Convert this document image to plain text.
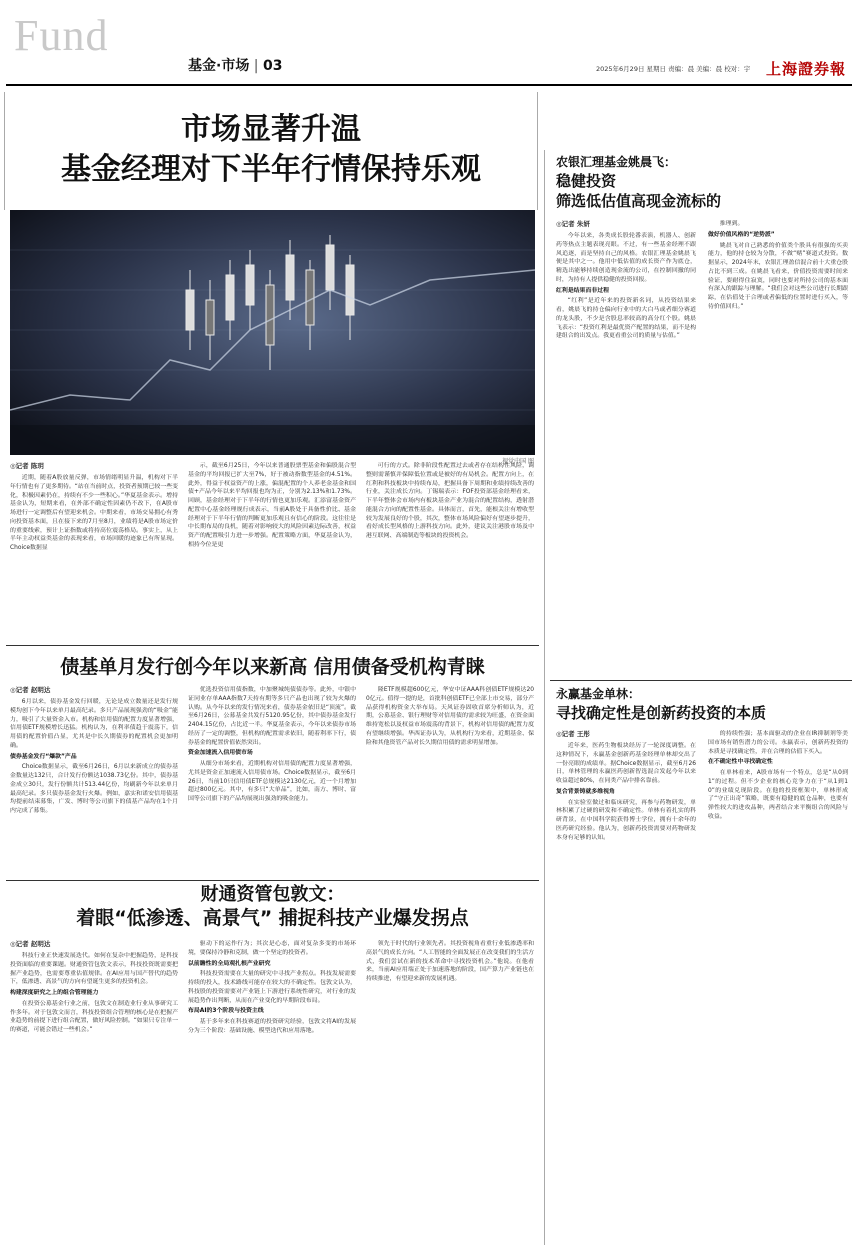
Fund
基金·市场 | 03	2025年6月29日 星期日 责编：晨 美编：晨 校对：宇 上海證券報
市场显著升温
基金经理对下半年行情保持乐观
视觉中国 图
◎记者 陈玥

近期，随着A股放量反弹，市场情绪明显升温，机构对下半年行情也有了更多期待。“站在当前时点，投资者预期已较一些变化，积极因素仍在，持续有不少一些积心。”华夏基金表示。增持基金认为，短期来看，在外部不确定性因素仍不改下，在A股市场进行一定调整后有望迎来机会。中期来看，市场交易拥心有秀向投资基本面，且在接下来的7月至8月，业绩将是A股市场定价的重要线索，预计上证指数或将持高位震荡格局。事实上，从上半年主动权益类基金的表现来看，市场回暖的迹象已有所显现。Choice数据显

示，截至6月25日，今年以来普通股票型基金和偏股混合型基金的平均回报已扩大至7%，好于被动指数型基金的4.51%。此外，得益于权益资产的上涨，偏混配置的个人养老金基金和国债+产品今年以来平均回报也均为正，分别为2.13%和1.73%。回顾，基金经理对于下半年的行情也更加乐观。汇添富基金资产配置中心基金经理规行成表示，当前A股处于具备性价比、基金经理对于下半年行情的判断更加乐观且有信心的阶段。这往往是中长期布局的良机，随着对影响较大的风险因素边际改善，权益资产的配置吸引力进一步增强。配置策略方面，华夏基金认为，相持今位是更

可行的方式。除非阶段性配置过去或者存在结构性风险，调整则需谨慎并保障低位置或是被好的有局机会。配置方向上，在红利和科技板块中持续布局，把握具备下周期和业绩持续改善的行业，关注成长方向。丁锡瑞表示：FOF投资部基金经理看来，下半年整体会市场内有板块基金产业为混合的配置结构，透射潜能混合方向的配置性基金。具体而言，首先，能根关注有增收型较为发展良好的个股，其次，整体市场风险偏好有望逐步提升，看好成长型风格的上游科技方向。此外，建议关注港股市场及中港互联网、高端制造等板块的投资机会。

债基单月发行创今年以来新高 信用债备受机构青睐
◎记者 赵明达

6月以来，债券基金发行回暖，无论是成立数量还是发行规模均创下今年以来单月最高纪录。多只产品展现强劲的“吸金”能力，吸引了大量资金入市。机构和信用债的配置力度显著增强，信用债ETF规模增长迅猛。机构认为，在利率债趋于震荡下，信用债的配置价值凸显，尤其是中长久期债券的配置机会更加明确。

债券基金发行“爆款”产品

Choice数据显示，截至6月26日，6月以来新成立的债券基金数量达132只，合计发行份额达1038.73亿份。其中，债券基金成立30只，发行份额共计513.44亿份，均刷新今年以来单月最高纪录。多只债券基金发行火爆。例如，嘉实和诺安信用债基均提前结束募集，广发、博时等公司旗下的债基产品均在1个月内完成了募集。

优选投资信用债指数，中加聚城纯债债券等。此外，中银中证同业存单AAA指数7天持有期等多只产品也出现了较为火爆的认购。从今年以来的发行情况来看，债券基金依旧是“顶流”。截至6月26日，公募基金共发行5120.95亿份，其中债券基金发行2404.15亿份，占比近一半。华夏基金表示，今年以来债券市场经历了一定的调整，但机构的配置需求依旧，随着利率下行，债券基金的配置价值依然突出。

资金加速流入信用债市场

从细分市场来看，近期机构对信用债的配置力度显著增强，尤其是资金正加速流入信用债市场。Choice数据显示，截至6月26日，当前10只信用债ETF总规模达2130亿元，近一个月增加超过800亿元。其中，有多只“大单品”，比如，南方、博时、富国等公司旗下的产品均展现出强劲的吸金能力。

隆ETF规模超600亿元，华安中证AAA科创债ETF规模达200亿元。值得一提的是，首批科创债ETF已全部上市交易，部分产品获得机构资金大举布局。天风证券固收首席分析师认为，近期，公募基金、银行理财等对信用债的需求较为旺盛，在资金面维持宽松以及权益市场震荡的背景下，机构对信用债的配置力度有望继续增强。华西证券认为，从机构行为来看，近期基金、保险和其他资管产品对长久期信用债的需求明显增加。

财通资管包敦文：
着眼“低渗透、高景气” 捕捉科技产业爆发拐点
◎记者 赵明达

科技行业正快速发展迭代。如何在复杂中把握趋势，是科技投资面临的重要课题。财通资管包敦文表示，科技投资既需要把握产业趋势，也需要尊重估值规律。在AI应用与国产替代的趋势下，低渗透、高景气的方向有望诞生更多的投资机会。

构建深度研究之上的组合管理能力

在投资公募基金行业之前，包敦文在制造业行业从事研究工作多年。对于包敦文而言，科技投资组合管理的核心是在把握产业趋势的前提下进行组合配置，做好风险控制。“如果只专注单一的赛道，可能会错过一些机会。”

驱动下的运作行为；其次是心态，面对复杂多变的市场环境，要保持冷静和克制，做一个坚定的投资者。

以前瞻性的全局观扎根产业研究

科技投资需要在大量的研究中寻找产业拐点。科技发展需要持续的投入，技术路线可能存在较大的不确定性。包敦文认为，科技股的投资需要对产业链上下游进行系统性研究，对行业的发展趋势作出判断，从而在产业变化的早期阶段布局。

布局AI的3个阶段与投资主线

基于多年来在科技赛道的投资研究经验，包敦文将AI的发展分为三个阶段：基础设施、模型迭代和应用落地。

领先于时代的行业领先者。其投资视角看重行业低渗透率和高景气的成长方向。“人工智能的全面发展正在改变我们的生活方式，我们尝试在新的技术革命中寻找投资机会。”他说。在他看来，当前AI应用端正处于加速落地的阶段，国产算力产业链也在持续推进，有望迎来新的发展机遇。

农银汇理基金姚晨飞：
稳健投资
筛选低估值高现金流标的
◎记者 朱妍

今年以来，各类成长股轮番表演，机器人、创新药等热点主题表现亮眼。不过，有一些基金经理不跟风追逐，而是坚持自己的风格。农银汇理基金姚晨飞便是其中之一。他用中低估值的成长资产作为底仓，精选出能够持续创造现金流的公司，在控制回撤的同时，为持有人提供稳健的投资回报。

红利是结果而非过程

“红利”是近年来的投资新名词，从投资结果来看，姚晨飞的持仓偏向行业中的大白马或者细分赛道的龙头股，不少是含股息率较高的高分红个股。姚晨飞表示：“投资红利是最优资产配置的结果，而不是构建组合的出发点。我更看重公司的质量与估值。”

推理到。

做好价值风格的“逆势派”

姚晨飞对自己熟悉的价值类个股具有很强的买卖能力，他的持仓较为分散，不做“赌”赛道式投资。数据显示，2024年末，农银汇理盈信混合前十大重仓股占比不到三成。在姚晨飞看来，价值投资需要时间来验证，要耐得住寂寞，同时也要对所持公司的基本面有深入的跟踪与理解。“我们会对这些公司进行长期跟踪，在估值处于合理或者偏低的位置时进行买入，等待价值回归。”

永赢基金单林：
寻找确定性是创新药投资的本质
◎记者 王彤

近年来，医药生物板块经历了一轮深度调整。在这种情况下，永赢基金创新药基金经理单林却交出了一份亮眼的成绩单。据Choice数据显示，截至6月26日，单林管理的永赢医药创新智选混合发起今年以来收益超过80%，在同类产品中排名靠前。

复合背景铸就多维视角

在实验室做过和临床研究，再参与药物研发，单林积累了过硬的研发和不确定性。单林有着扎实的科研背景，在中国科学院获得博士学位，拥有十余年的医药研究经验。他认为，创新药投资需要对药物研发本身有足够的认知。

的持续性强；基本面驱动的企业在IR抑制剂等美国市场有销售潜力的公司。永赢表示，创新药投资的本质是寻找确定性，并在合理的估值下买入。

在不确定性中寻找确定性

在单林看来，A股市场有一个特点，总是“从0到1”的过程。但不少企业的核心竞争力在于“从1到10”的业绩兑现阶段。在他的投资框架中，单林形成了“守正出奇”策略，既要有稳健的底仓品种，也要有弹性较大的进攻品种，两者结合来平衡组合的风险与收益。
